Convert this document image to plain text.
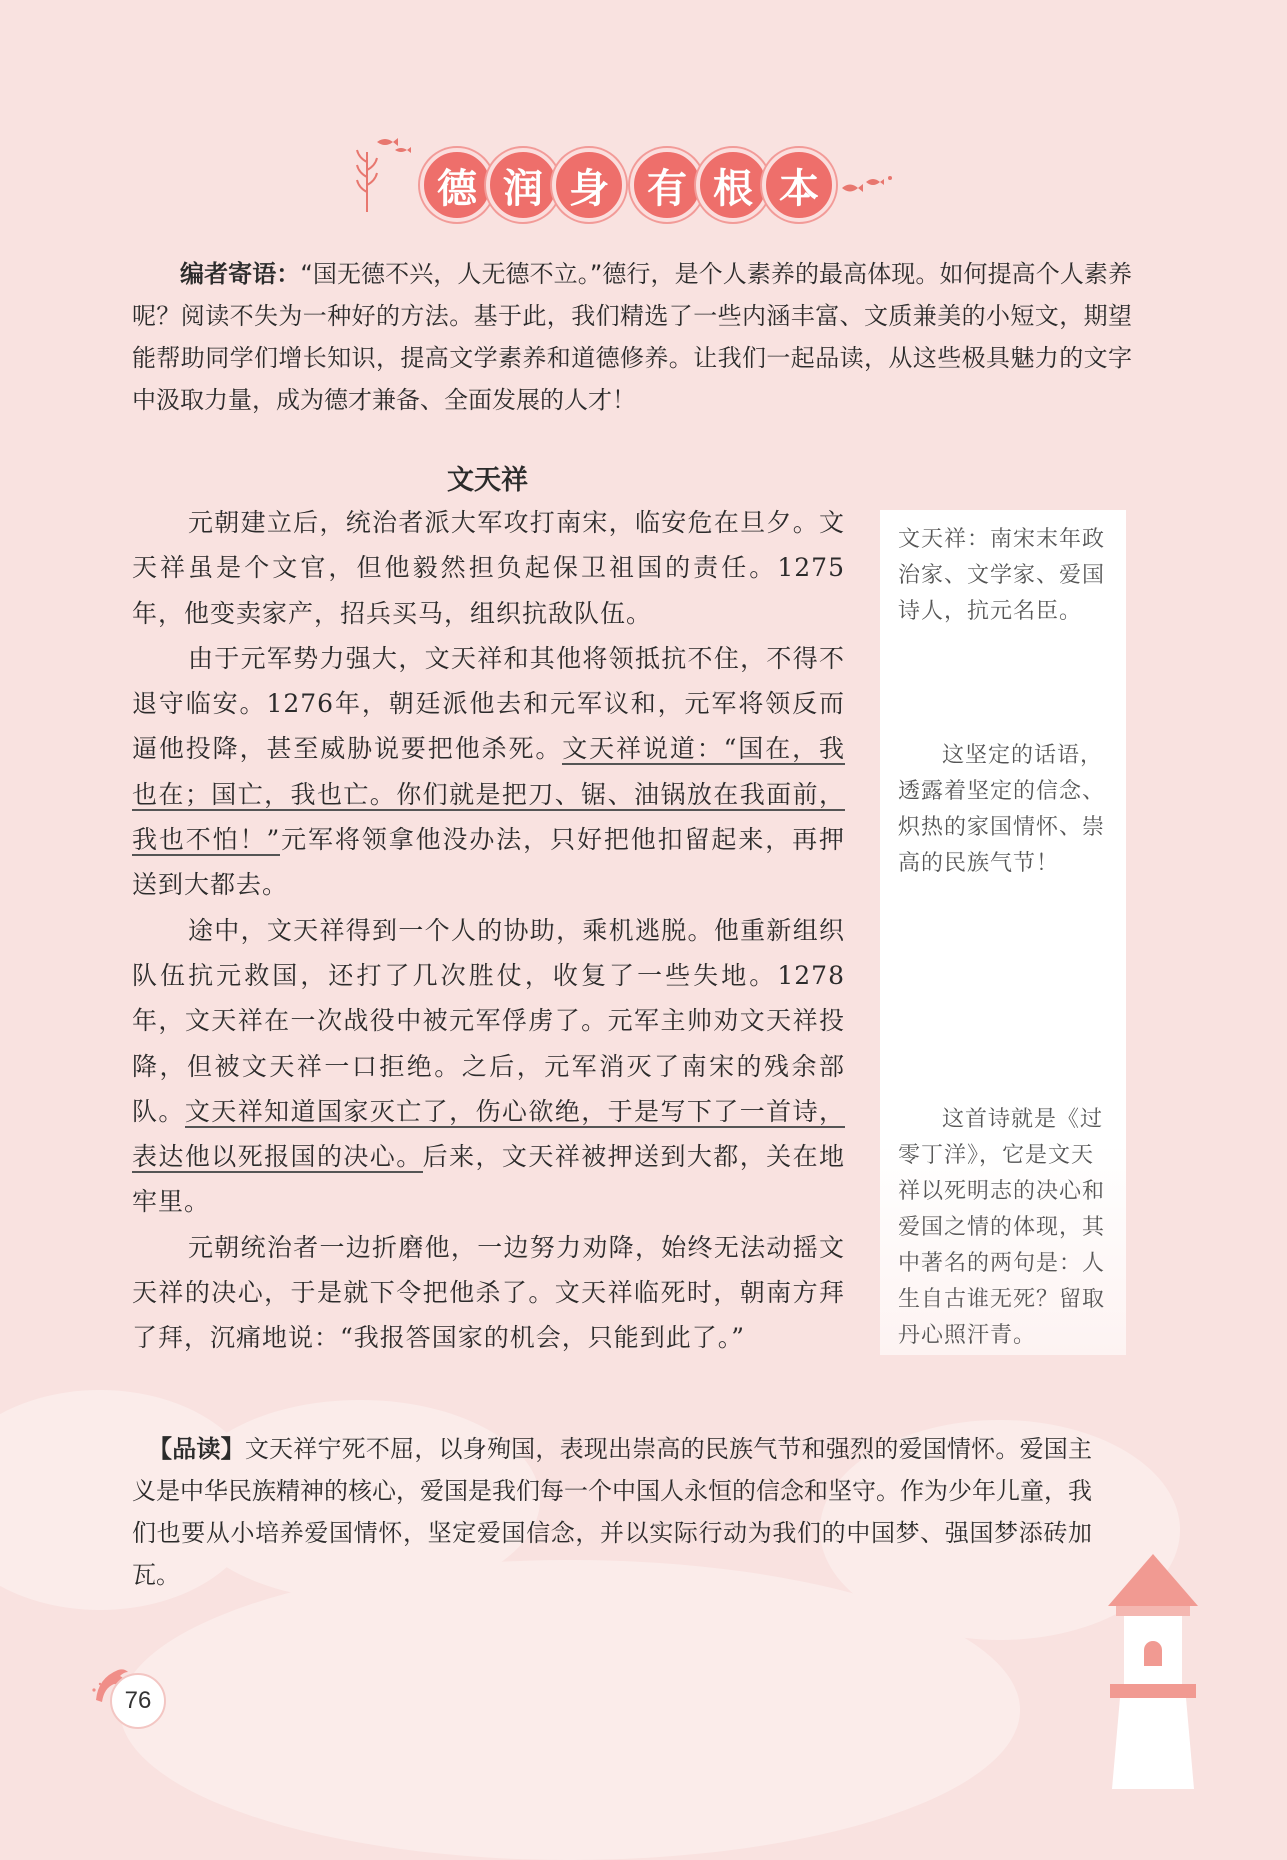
德 润 身 有 根 本
编者寄语：“国无德不兴，人无德不立。”德行，是个人素养的最高体现。如何提高个人素养呢？阅读不失为一种好的方法。基于此，我们精选了一些内涵丰富、文质兼美的小短文，期望能帮助同学们增长知识，提高文学素养和道德修养。让我们一起品读，从这些极具魅力的文字中汲取力量，成为德才兼备、全面发展的人才！
文天祥
文天祥：南宋末年政治家、文学家、爱国诗人，抗元名臣。
这坚定的话语，透露着坚定的信念、炽热的家国情怀、崇高的民族气节！
这首诗就是《过零丁洋》，它是文天祥以死明志的决心和爱国之情的体现，其中著名的两句是：人生自古谁无死？留取丹心照汗青。

元朝建立后，统治者派大军攻打南宋，临安危在旦夕。文天祥虽是个文官，但他毅然担负起保卫祖国的责任。1275年，他变卖家产，招兵买马，组织抗敌队伍。

由于元军势力强大，文天祥和其他将领抵抗不住，不得不退守临安。1276年，朝廷派他去和元军议和，元军将领反而逼他投降，甚至威胁说要把他杀死。文天祥说道：“国在，我也在；国亡，我也亡。你们就是把刀、锯、油锅放在我面前，我也不怕！”元军将领拿他没办法，只好把他扣留起来，再押送到大都去。

途中，文天祥得到一个人的协助，乘机逃脱。他重新组织队伍抗元救国，还打了几次胜仗，收复了一些失地。1278年，文天祥在一次战役中被元军俘虏了。元军主帅劝文天祥投降，但被文天祥一口拒绝。之后，元军消灭了南宋的残余部队。文天祥知道国家灭亡了，伤心欲绝，于是写下了一首诗，表达他以死报国的决心。后来，文天祥被押送到大都，关在地牢里。

元朝统治者一边折磨他，一边努力劝降，始终无法动摇文天祥的决心，于是就下令把他杀了。文天祥临死时，朝南方拜了拜，沉痛地说：“我报答国家的机会，只能到此了。”

【品读】文天祥宁死不屈，以身殉国，表现出崇高的民族气节和强烈的爱国情怀。爱国主义是中华民族精神的核心，爱国是我们每一个中国人永恒的信念和坚守。作为少年儿童，我们也要从小培养爱国情怀，坚定爱国信念，并以实际行动为我们的中国梦、强国梦添砖加瓦。
76
